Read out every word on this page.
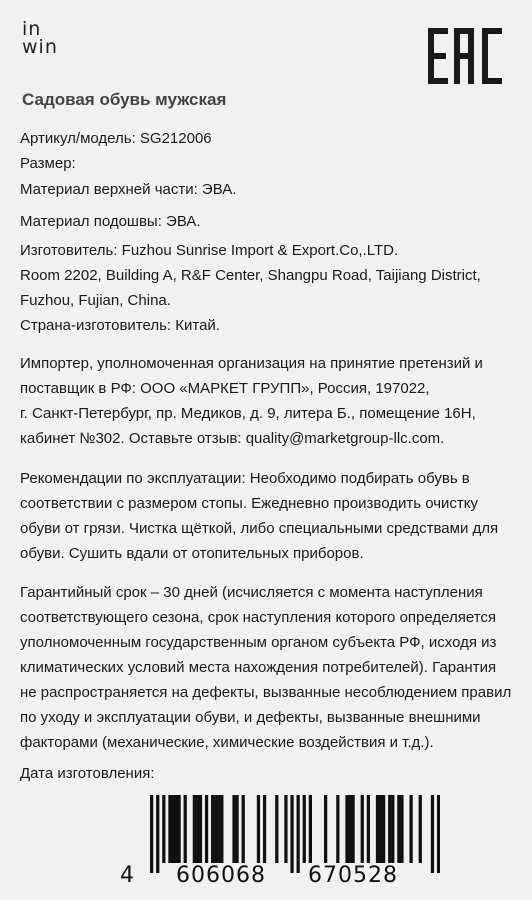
in
win
Садовая обувь мужская

Артикул/модель: SG212006

Размер:

Материал верхней части: ЭВА.

Материал подошвы: ЭВА.

Изготовитель: Fuzhou Sunrise Import & Export.Co,.LTD.

Room 2202, Building A, R&F Center, Shangpu Road, Taijiang District,

Fuzhou, Fujian, China.

Страна-изготовитель: Китай.

Импортер, уполномоченная организация на принятие претензий и

поставщик в РФ: ООО «МАРКЕТ ГРУПП», Россия, 197022,

г. Санкт-Петербург, пр. Медиков, д. 9, литера Б., помещение 16Н,

кабинет №302. Оставьте отзыв: quality@marketgroup-llc.com.

Рекомендации по эксплуатации: Необходимо подбирать обувь в

соответствии с размером стопы. Ежедневно производить очистку

обуви от грязи. Чистка щёткой, либо специальными средствами для

обуви. Сушить вдали от отопительных приборов.

Гарантийный срок – 30 дней (исчисляется с момента наступления

соответствующего сезона, срок наступления которого определяется

уполномоченным государственным органом субъекта РФ, исходя из

климатических условий места нахождения потребителей). Гарантия

не распространяется на дефекты, вызванные несоблюдением правил

по уходу и эксплуатации обуви, и дефекты, вызванные внешними

факторами (механические, химические воздействия и т.д.).

Дата изготовления:
4 606068 670528
